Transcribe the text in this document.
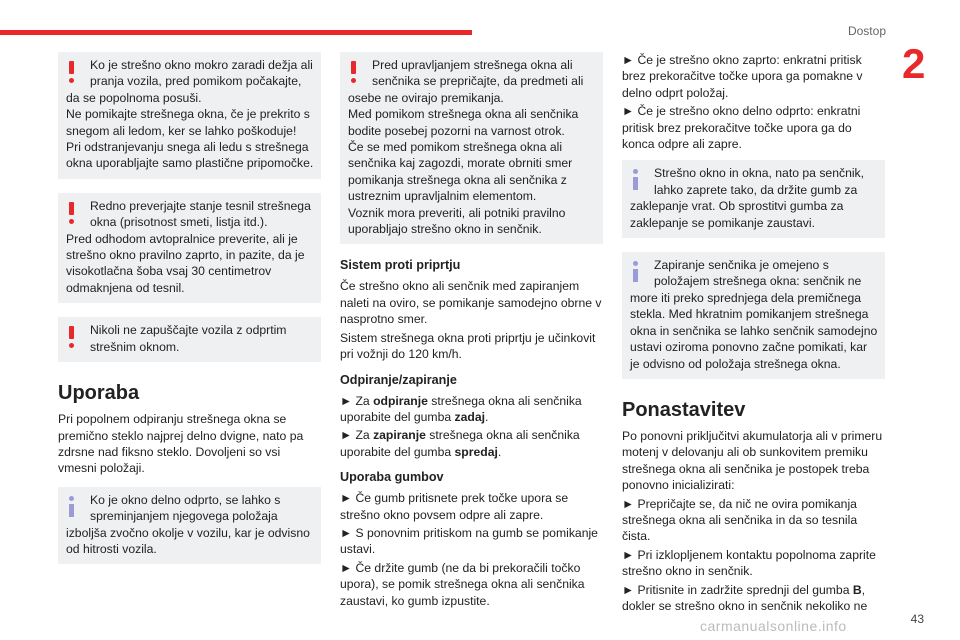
Dostop
2
Ko je strešno okno mokro zaradi dežja ali pranja vozila, pred pomikom počakajte,
da se popolnoma posuši.
Ne pomikajte strešnega okna, če je prekrito s snegom ali ledom, ker se lahko poškoduje!
Pri odstranjevanju snega ali ledu s strešnega okna uporabljajte samo plastične pripomočke.
Redno preverjajte stanje tesnil strešnega okna (prisotnost smeti, listja itd.).
Pred odhodom avtopralnice preverite, ali je strešno okno pravilno zaprto, in pazite, da je visokotlačna šoba vsaj 30 centimetrov odmaknjena od tesnil.
Nikoli ne zapuščajte vozila z odprtim strešnim oknom.
Uporaba

Pri popolnem odpiranju strešnega okna se premično steklo najprej delno dvigne, nato pa zdrsne nad fiksno steklo. Dovoljeni so vsi vmesni položaji.

Ko je okno delno odprto, se lahko s spreminjanjem njegovega položaja
izboljša zvočno okolje v vozilu, kar je odvisno od hitrosti vozila.
Pred upravljanjem strešnega okna ali senčnika se prepričajte, da predmeti ali
osebe ne ovirajo premikanja.
Med pomikom strešnega okna ali senčnika bodite posebej pozorni na varnost otrok.
Če se med pomikom strešnega okna ali senčnika kaj zagozdi, morate obrniti smer pomikanja strešnega okna ali senčnika z ustreznim upravljalnim elementom.
Voznik mora preveriti, ali potniki pravilno uporabljajo strešno okno in senčnik.
Sistem proti priprtju

Če strešno okno ali senčnik med zapiranjem naleti na oviro, se pomikanje samodejno obrne v nasprotno smer.

Sistem strešnega okna proti priprtju je učinkovit pri vožnji do 120 km/h.

Odpiranje/zapiranje

► Za odpiranje strešnega okna ali senčnika uporabite del gumba zadaj.

► Za zapiranje strešnega okna ali senčnika uporabite del gumba spredaj.

Uporaba gumbov

► Če gumb pritisnete prek točke upora se strešno okno povsem odpre ali zapre.

► S ponovnim pritiskom na gumb se pomikanje ustavi.

► Če držite gumb (ne da bi prekoračili točko upora), se pomik strešnega okna ali senčnika zaustavi, ko gumb izpustite.

► Če je strešno okno zaprto: enkratni pritisk brez prekoračitve točke upora ga pomakne v delno odprt položaj.

► Če je strešno okno delno odprto: enkratni pritisk brez prekoračitve točke upora ga do konca odpre ali zapre.

Strešno okno in okna, nato pa senčnik, lahko zaprete tako, da držite gumb za
zaklepanje vrat. Ob sprostitvi gumba za zaklepanje se pomikanje zaustavi.
Zapiranje senčnika je omejeno s položajem strešnega okna: senčnik ne
more iti preko sprednjega dela premičnega stekla. Med hkratnim pomikanjem strešnega okna in senčnika se lahko senčnik samodejno ustavi oziroma ponovno začne pomikati, kar je odvisno od položaja strešnega okna.
Ponastavitev

Po ponovni priključitvi akumulatorja ali v primeru motenj v delovanju ali ob sunkovitem premiku strešnega okna ali senčnika je postopek treba ponovno inicializirati:

► Prepričajte se, da nič ne ovira pomikanja strešnega okna ali senčnika in da so tesnila čista.

► Pri izklopljenem kontaktu popolnoma zaprite strešno okno in senčnik.

► Pritisnite in zadržite sprednji del gumba B, dokler se strešno okno in senčnik nekoliko ne

43
carmanualsonline.info
